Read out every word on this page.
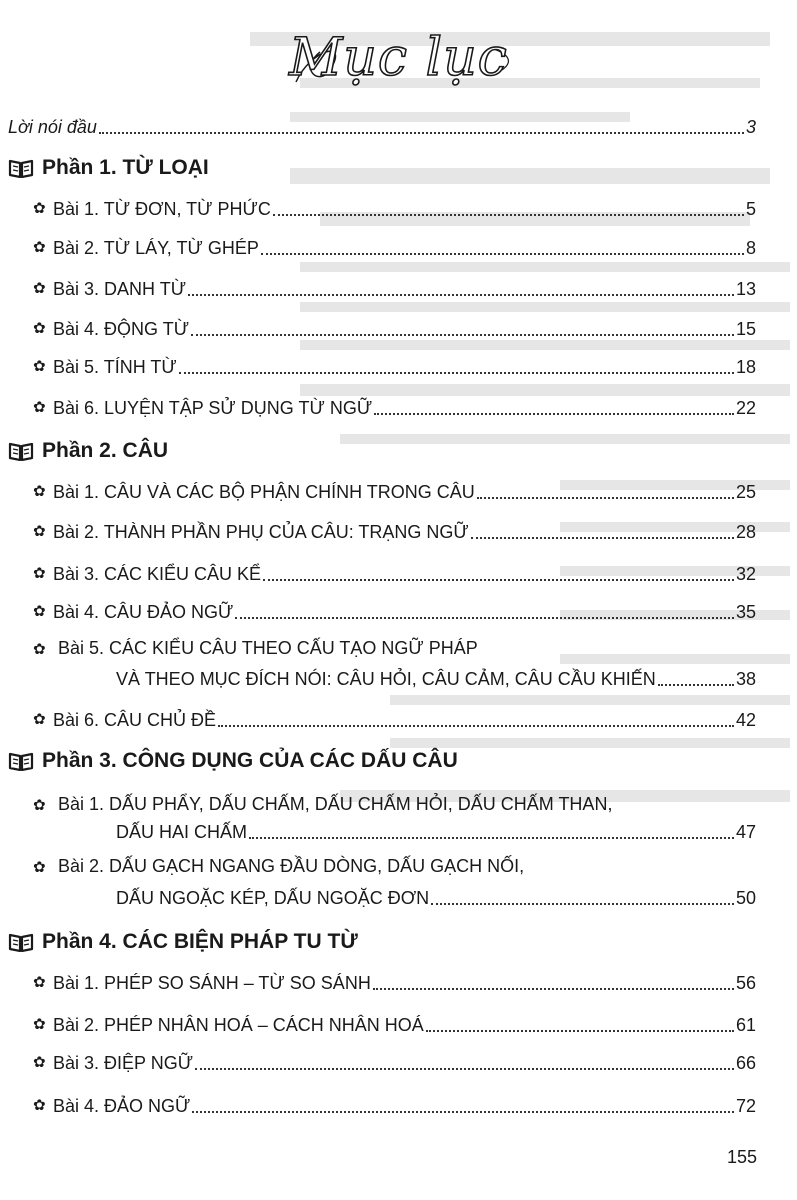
Mục lục
Lời nói đầu	3
Phần 1. TỪ LOẠI
✿ Bài 1. TỪ ĐƠN, TỪ PHỨC	5
✿ Bài 2. TỪ LÁY, TỪ GHÉP	8
✿ Bài 3. DANH TỪ	13
✿ Bài 4. ĐỘNG TỪ	15
✿ Bài 5. TÍNH TỪ	18
✿ Bài 6. LUYỆN TẬP SỬ DỤNG TỪ NGỮ	22
Phần 2. CÂU
✿ Bài 1. CÂU VÀ CÁC BỘ PHẬN CHÍNH TRONG CÂU	25
✿ Bài 2. THÀNH PHẦN PHỤ CỦA CÂU: TRẠNG NGỮ	28
✿ Bài 3. CÁC KIỂU CÂU KỂ	32
✿ Bài 4. CÂU ĐẢO NGỮ	35
✿ Bài 5. CÁC KIỂU CÂU THEO CẤU TẠO NGỮ PHÁP
VÀ THEO MỤC ĐÍCH NÓI: CÂU HỎI, CÂU CẢM, CÂU CẦU KHIẾN	38
✿ Bài 6. CÂU CHỦ ĐỀ	42
Phần 3. CÔNG DỤNG CỦA CÁC DẤU CÂU
✿ Bài 1. DẤU PHẨY, DẤU CHẤM, DẤU CHẤM HỎI, DẤU CHẤM THAN,
DẤU HAI CHẤM	47
✿ Bài 2. DẤU GẠCH NGANG ĐẦU DÒNG, DẤU GẠCH NỐI,
DẤU NGOẶC KÉP, DẤU NGOẶC ĐƠN	50
Phần 4. CÁC BIỆN PHÁP TU TỪ
✿ Bài 1. PHÉP SO SÁNH – TỪ SO SÁNH	56
✿ Bài 2. PHÉP NHÂN HOÁ – CÁCH NHÂN HOÁ	61
✿ Bài 3. ĐIỆP NGỮ	66
✿ Bài 4. ĐẢO NGỮ	72
155
